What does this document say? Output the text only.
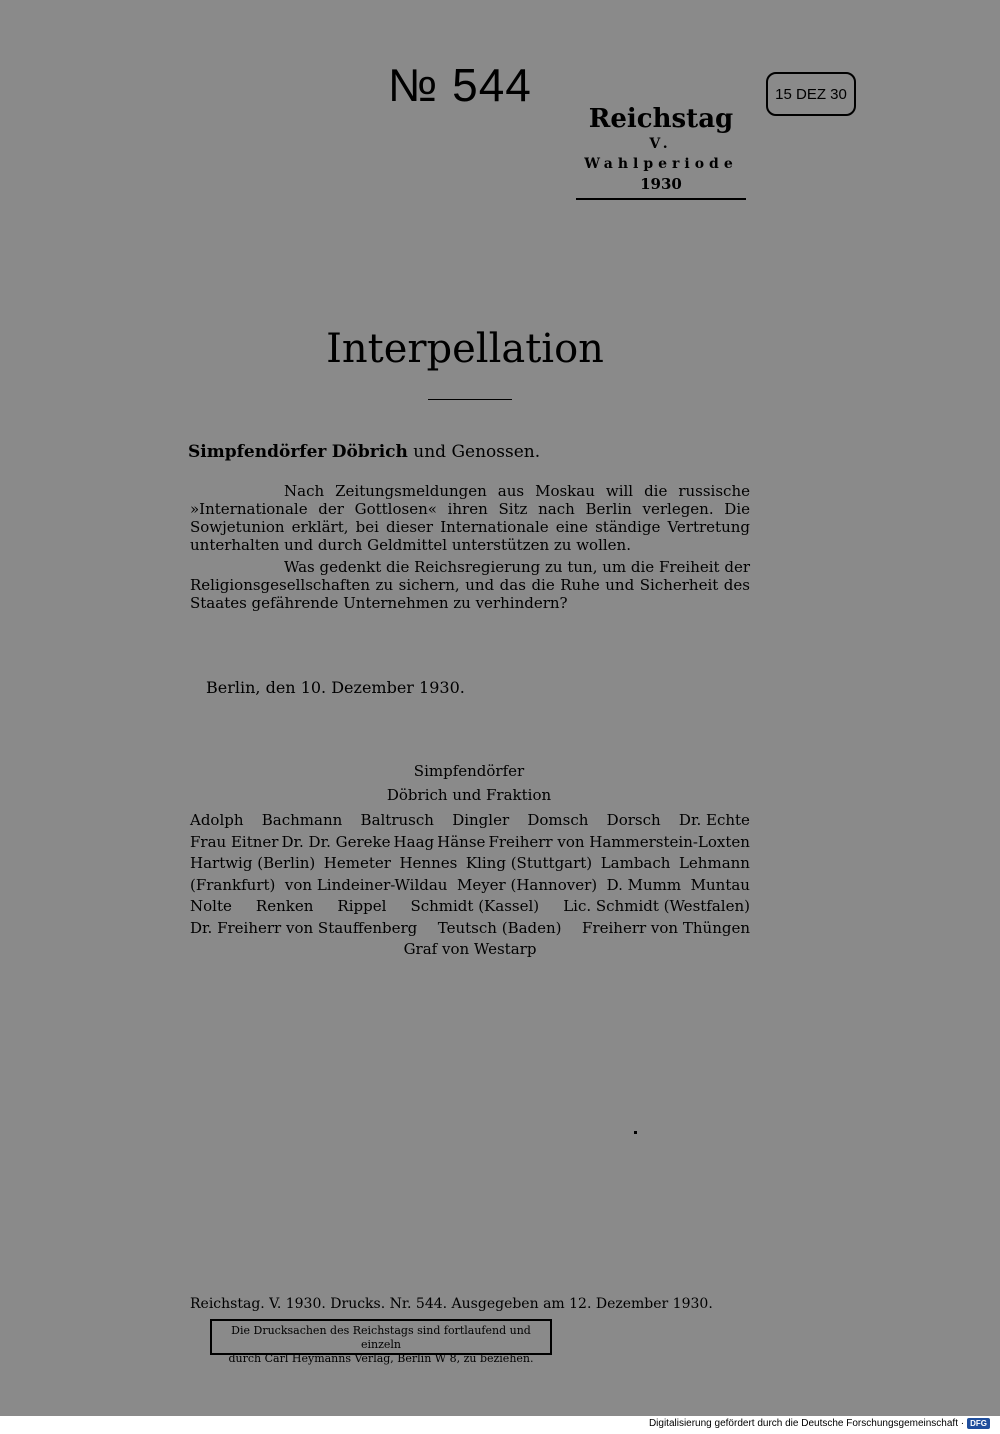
№ 544	15 DEZ 30
Reichstag
V. Wahlperiode
1930
Interpellation
Simpfendörfer Döbrich und Genossen.

Nach Zeitungsmeldungen aus Moskau will die russische »Internationale der Gottlosen« ihren Sitz nach Berlin verlegen. Die Sowjetunion erklärt, bei dieser Internationale eine ständige Vertretung unterhalten und durch Geldmittel unterstützen zu wollen.

Was gedenkt die Reichsregierung zu tun, um die Freiheit der Religionsgesellschaften zu sichern, und das die Ruhe und Sicherheit des Staates gefährende Unternehmen zu verhindern?

Berlin, den 10. Dezember 1930.
Simpfendörfer
Döbrich und Fraktion
Adolph Bachmann Baltrusch Dingler Domsch Dorsch Dr. Echte
Frau Eitner Dr. Dr. Gereke Haag Hänse Freiherr von Hammerstein-Loxten
Hartwig (Berlin) Hemeter Hennes Kling (Stuttgart) Lambach Lehmann
(Frankfurt) von Lindeiner-Wildau Meyer (Hannover) D. Mumm Muntau
Nolte Renken Rippel Schmidt (Kassel) Lic. Schmidt (Westfalen)
Dr. Freiherr von Stauffenberg Teutsch (Baden) Freiherr von Thüngen
Graf von Westarp
Reichstag. V. 1930. Drucks. Nr. 544. Ausgegeben am 12. Dezember 1930.
Die Drucksachen des Reichstags sind fortlaufend und einzeln
durch Carl Heymanns Verlag, Berlin W 8, zu beziehen.
Digitalisierung gefördert durch die Deutsche Forschungsgemeinschaft · DFG
